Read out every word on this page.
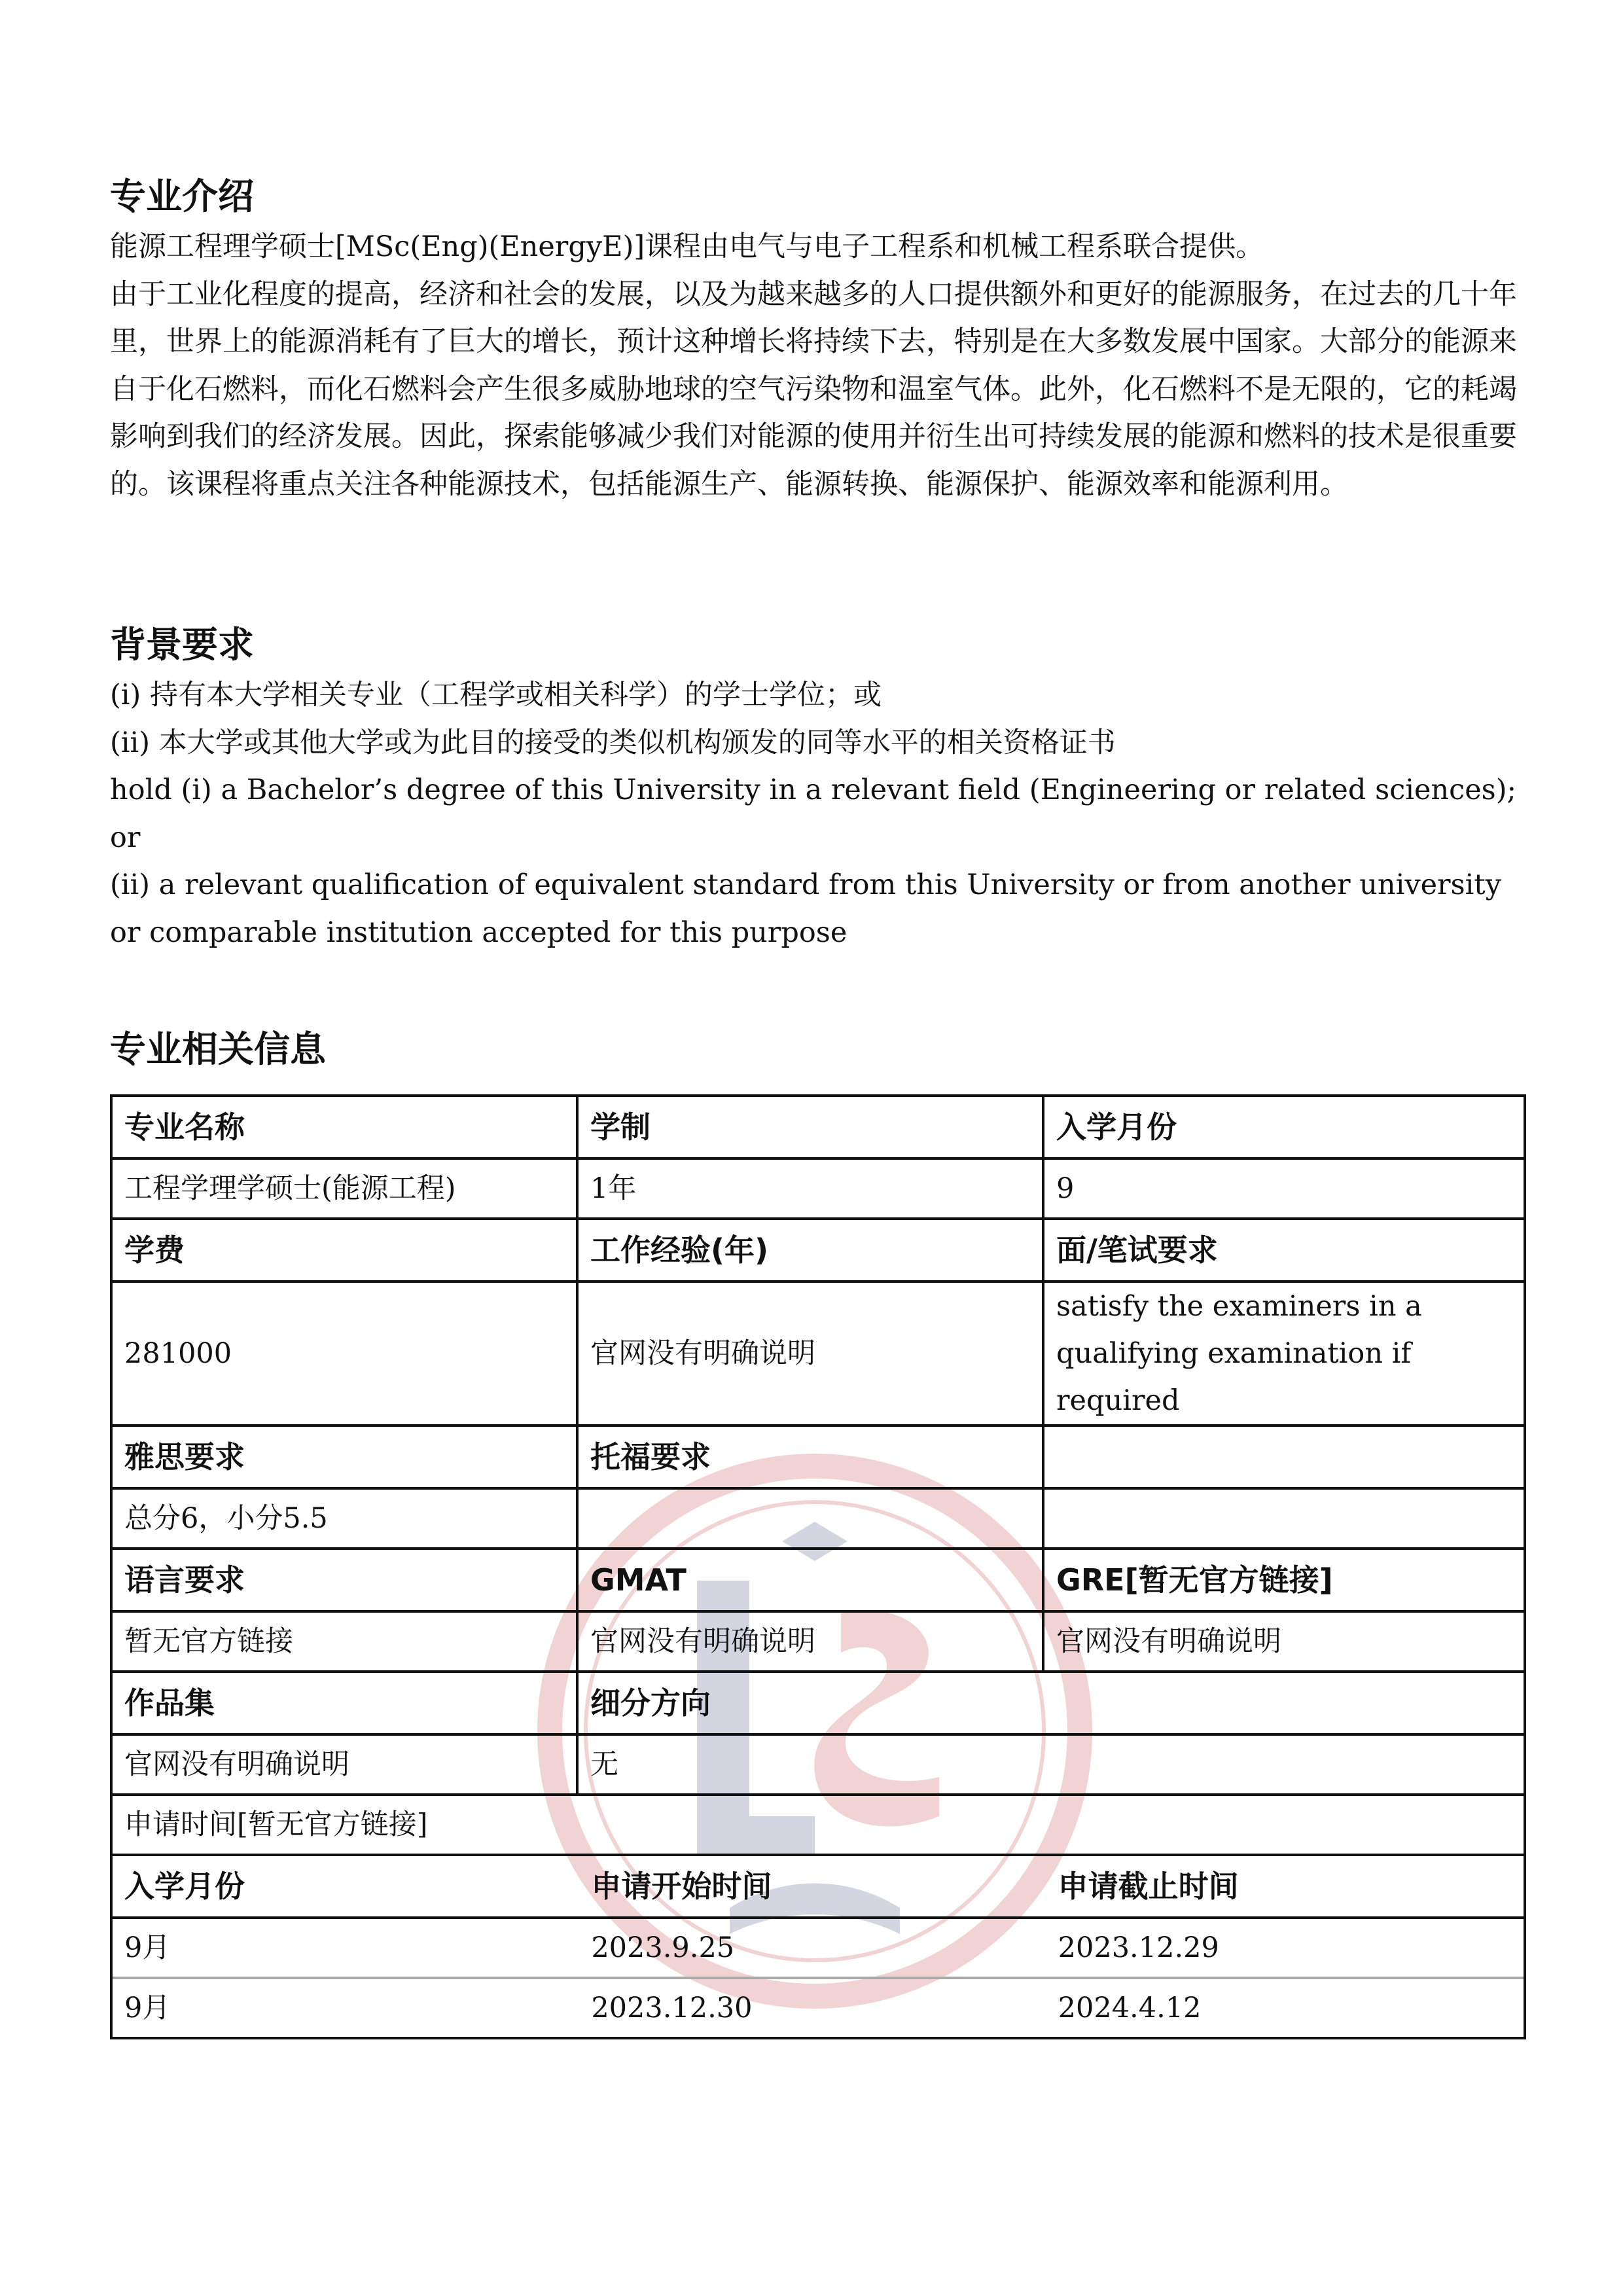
专业介绍

能源工程理学硕士[MSc(Eng)(EnergyE)]课程由电气与电子工程系和机械工程系联合提供。

由于工业化程度的提高，经济和社会的发展，以及为越来越多的人口提供额外和更好的能源服务，在过去的几十年里，世界上的能源消耗有了巨大的增长，预计这种增长将持续下去，特别是在大多数发展中国家。大部分的能源来自于化石燃料，而化石燃料会产生很多威胁地球的空气污染物和温室气体。此外，化石燃料不是无限的，它的耗竭影响到我们的经济发展。因此，探索能够减少我们对能源的使用并衍生出可持续发展的能源和燃料的技术是很重要的。该课程将重点关注各种能源技术，包括能源生产、能源转换、能源保护、能源效率和能源利用。

背景要求

(i) 持有本大学相关专业（工程学或相关科学）的学士学位；或

(ii) 本大学或其他大学或为此目的接受的类似机构颁发的同等水平的相关资格证书

hold (i) a Bachelor’s degree of this University in a relevant field (Engineering or related sciences); or

(ii) a relevant qualification of equivalent standard from this University or from another university or comparable institution accepted for this purpose

专业相关信息
专业名称	学制	入学月份
工程学理学硕士(能源工程)	1年	9
学费	工作经验(年)	面/笔试要求
281000	官网没有明确说明	satisfy the examiners in a qualifying examination if required
雅思要求	托福要求	
总分6，小分5.5		
语言要求	GMAT	GRE[暂无官方链接]
暂无官方链接	官网没有明确说明	官网没有明确说明
作品集	细分方向
官网没有明确说明	无
申请时间[暂无官方链接]

入学月份	申请开始时间	申请截止时间
9月	2023.9.25	2023.12.29
9月	2023.12.30	2024.4.12
